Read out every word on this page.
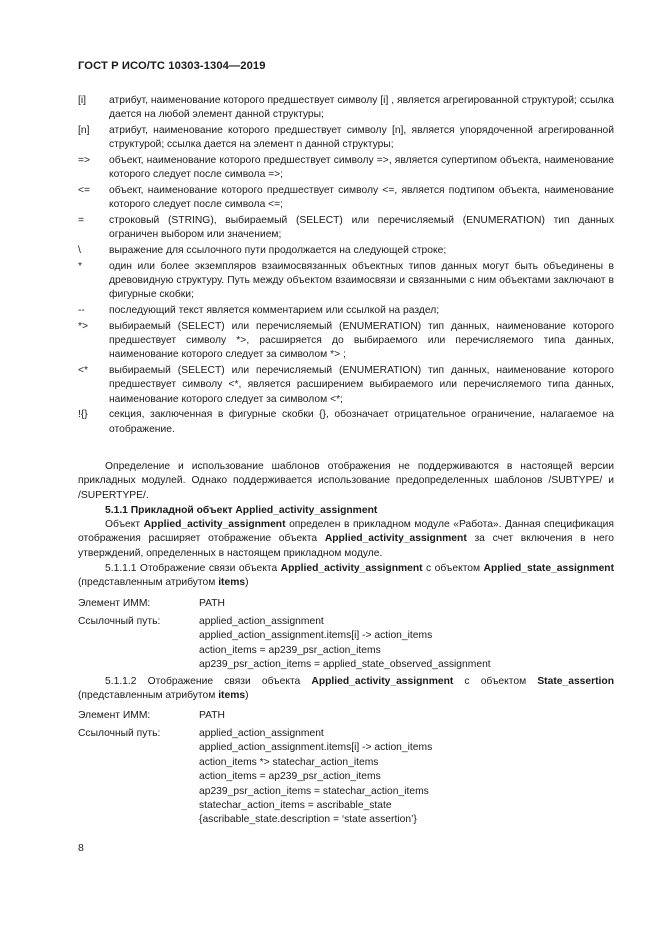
ГОСТ Р ИСО/ТС 10303-1304—2019
[i]	атрибут, наименование которого предшествует символу [i] , является агрегированной структурой; ссылка дается на любой элемент данной структуры;
[n]	атрибут, наименование которого предшествует символу [n], является упорядоченной агрегированной структурой; ссылка дается на элемент n данной структуры;
=>	объект, наименование которого предшествует символу =>, является супертипом объекта, наименование которого следует после символа =>;
<=	объект, наименование которого предшествует символу <=, является подтипом объекта, наименование которого следует после символа <=;
=	строковый (STRING), выбираемый (SELECT) или перечисляемый (ENUMERATION) тип данных ограничен выбором или значением;
\	выражение для ссылочного пути продолжается на следующей строке;
*	один или более экземпляров взаимосвязанных объектных типов данных могут быть объединены в древовидную структуру. Путь между объектом взаимосвязи и связанными с ним объектами заключают в фигурные скобки;
--	последующий текст является комментарием или ссылкой на раздел;
*>	выбираемый (SELECT) или перечисляемый (ENUMERATION) тип данных, наименование которого предшествует символу *>, расширяется до выбираемого или перечисляемого типа данных, наименование которого следует за символом *> ;
<*	выбираемый (SELECT) или перечисляемый (ENUMERATION) тип данных, наименование которого предшествует символу <*, является расширением выбираемого или перечисляемого типа данных, наименование которого следует за символом <*;
!{}	секция, заключенная в фигурные скобки {}, обозначает отрицательное ограничение, налагаемое на отображение.
Определение и использование шаблонов отображения не поддерживаются в настоящей версии прикладных модулей. Однако поддерживается использование предопределенных шаблонов /SUBTYPE/ и /SUPERTYPE/.
5.1.1 Прикладной объект Applied_activity_assignment
Объект Applied_activity_assignment определен в прикладном модуле «Работа». Данная спецификация отображения расширяет отображение объекта Applied_activity_assignment за счет включения в него утверждений, определенных в настоящем прикладном модуле.
5.1.1.1 Отображение связи объекта Applied_activity_assignment с объектом Applied_state_assignment (представленным атрибутом items)
Элемент ИММ:	PATH
Ссылочный путь:	applied_action_assignment
applied_action_assignment.items[i] -> action_items
action_items = ap239_psr_action_items
ap239_psr_action_items = applied_state_observed_assignment
5.1.1.2 Отображение связи объекта Applied_activity_assignment с объектом State_assertion (представленным атрибутом items)
Элемент ИММ:	PATH
Ссылочный путь:	applied_action_assignment
applied_action_assignment.items[i] -> action_items
action_items *> statechar_action_items
action_items = ap239_psr_action_items
ap239_psr_action_items = statechar_action_items
statechar_action_items = ascribable_state
{ascribable_state.description = ‘state assertion’}
8
